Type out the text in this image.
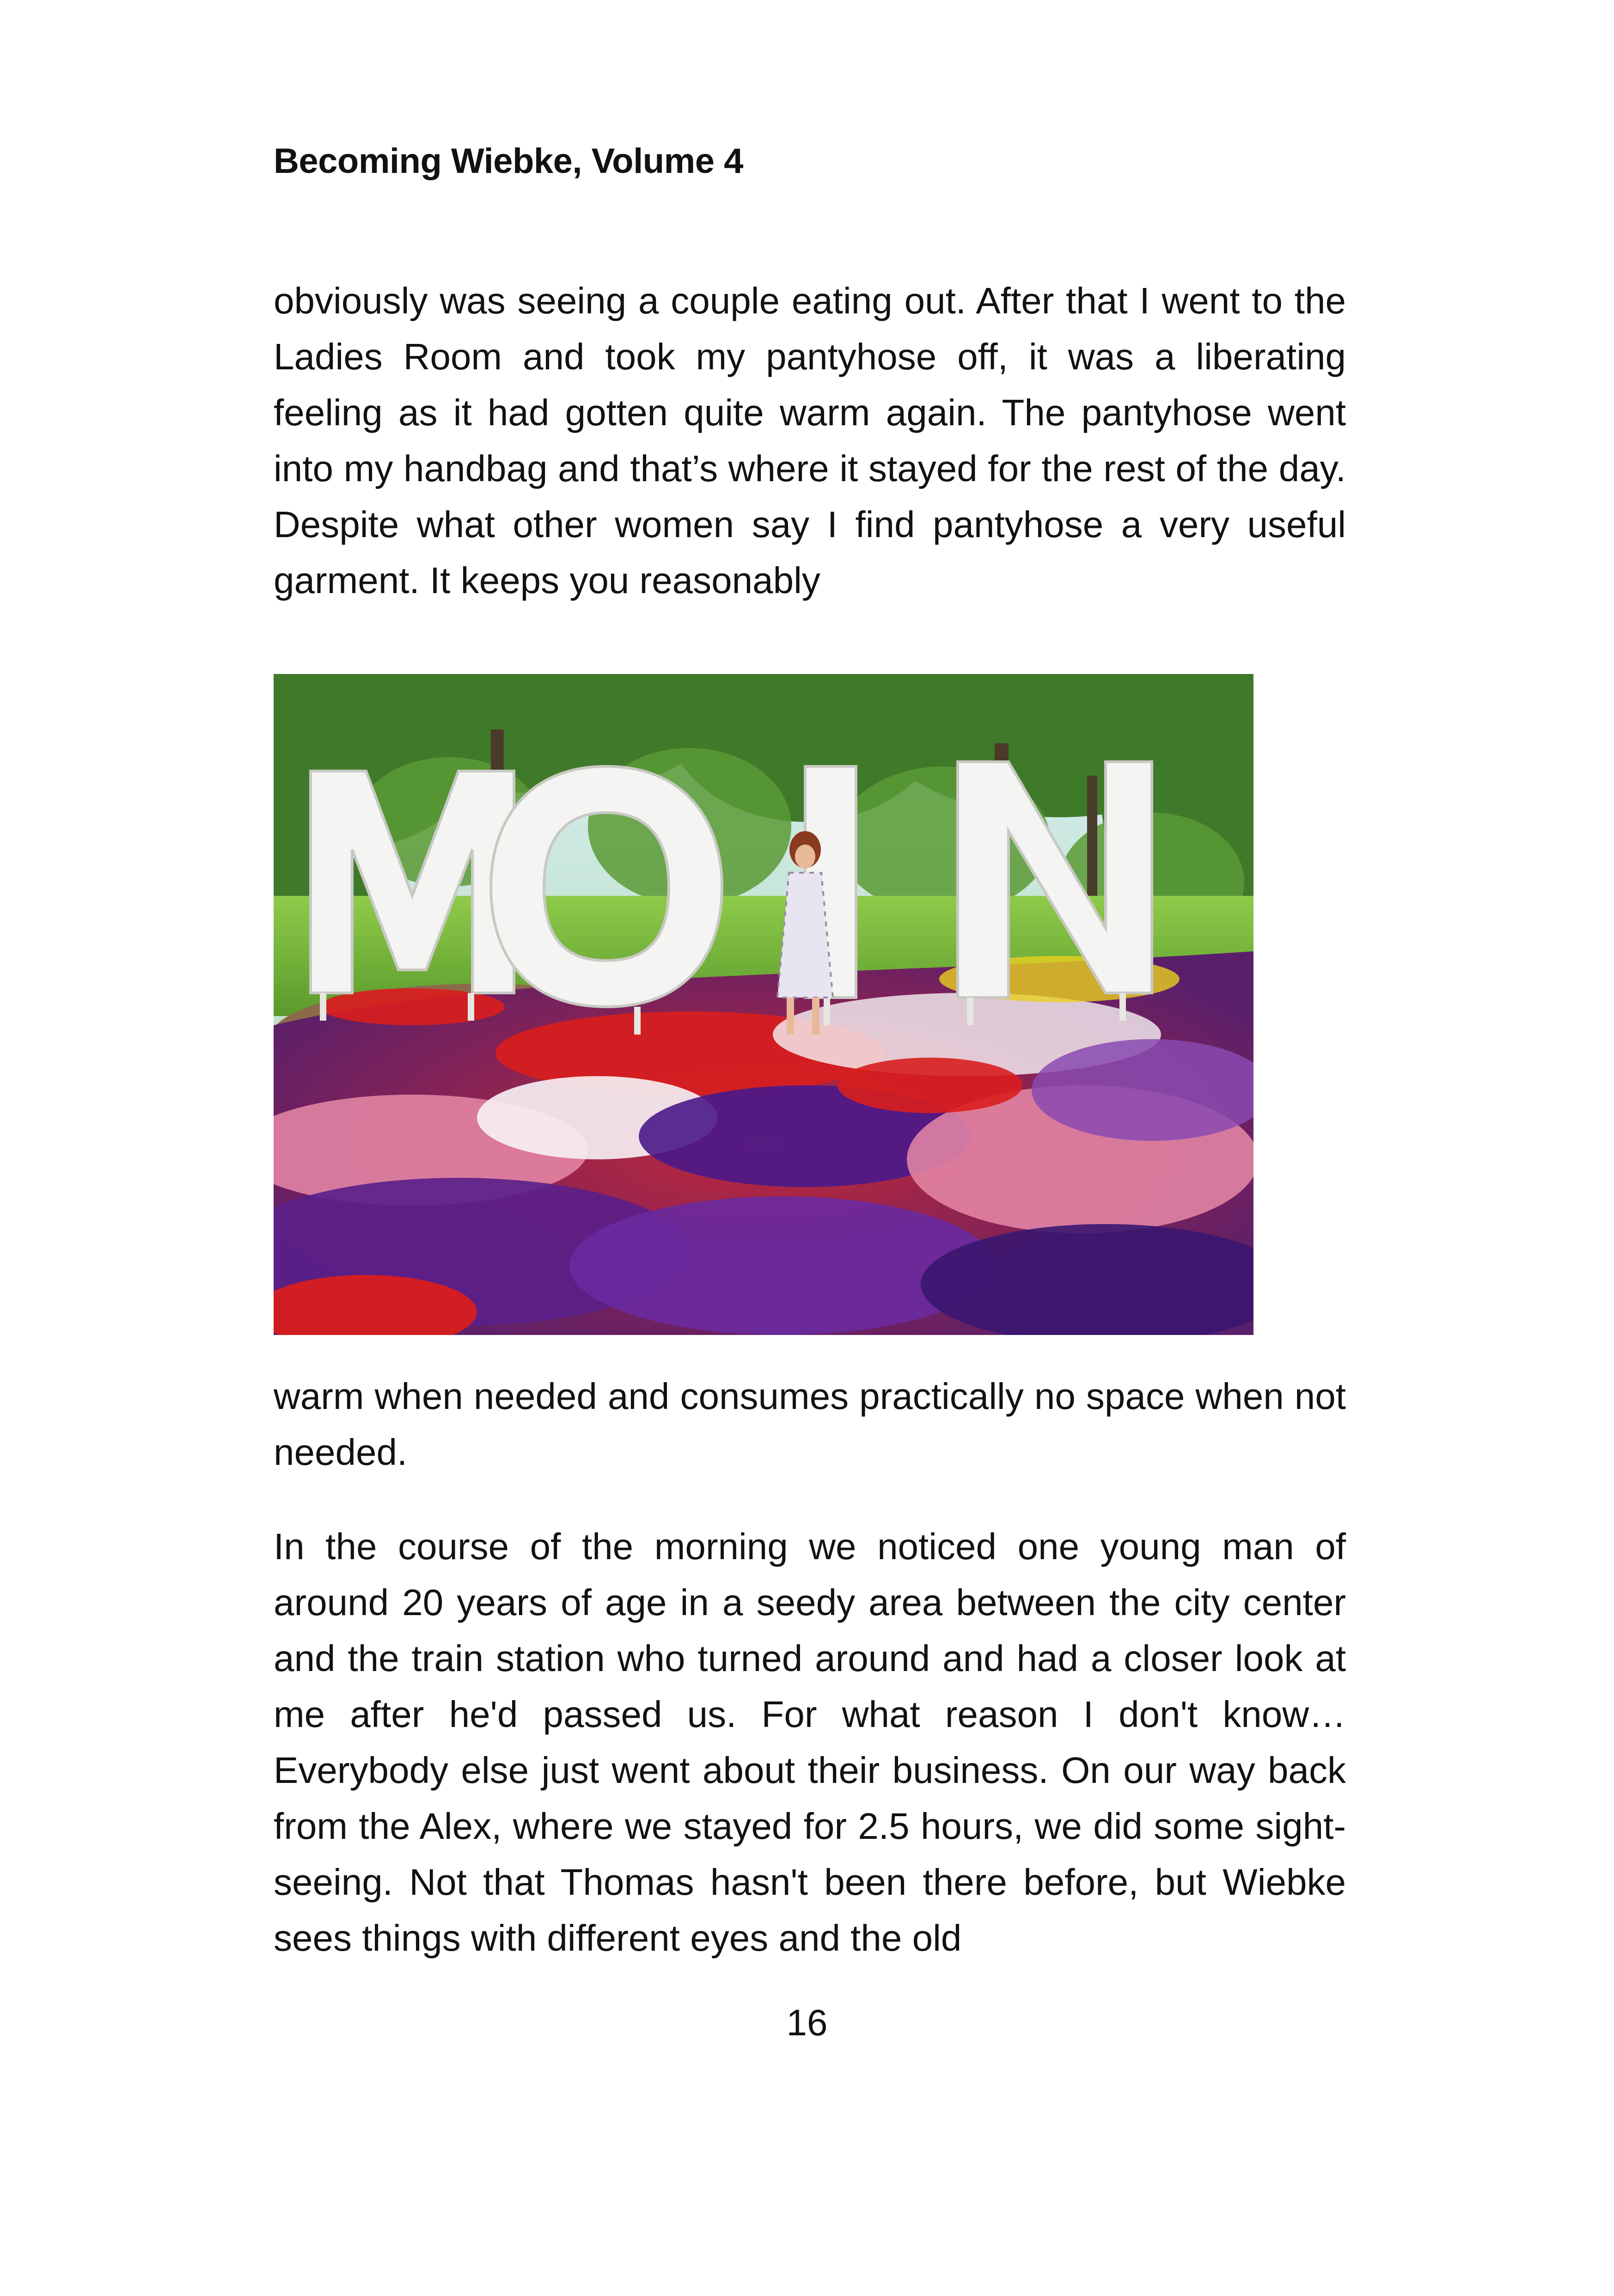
Becoming Wiebke, Volume 4

obviously was seeing a couple eating out. After that I went to the Ladies Room and took my pantyhose off, it was a liberating feeling as it had gotten quite warm again. The pantyhose went into my handbag and that’s where it stayed for the rest of the day. Despite what other women say I find pantyhose a very useful garment. It keeps you reasonably

warm when needed and consumes practically no space when not needed.

In the course of the morning we noticed one young man of around 20 years of age in a seedy area between the city center and the train station who turned around and had a closer look at me after he'd passed us. For what reason I don't know… Everybody else just went about their business. On our way back from the Alex, where we stayed for 2.5 hours, we did some sight-seeing. Not that Thomas hasn't been there before, but Wiebke sees things with different eyes and the old

16
